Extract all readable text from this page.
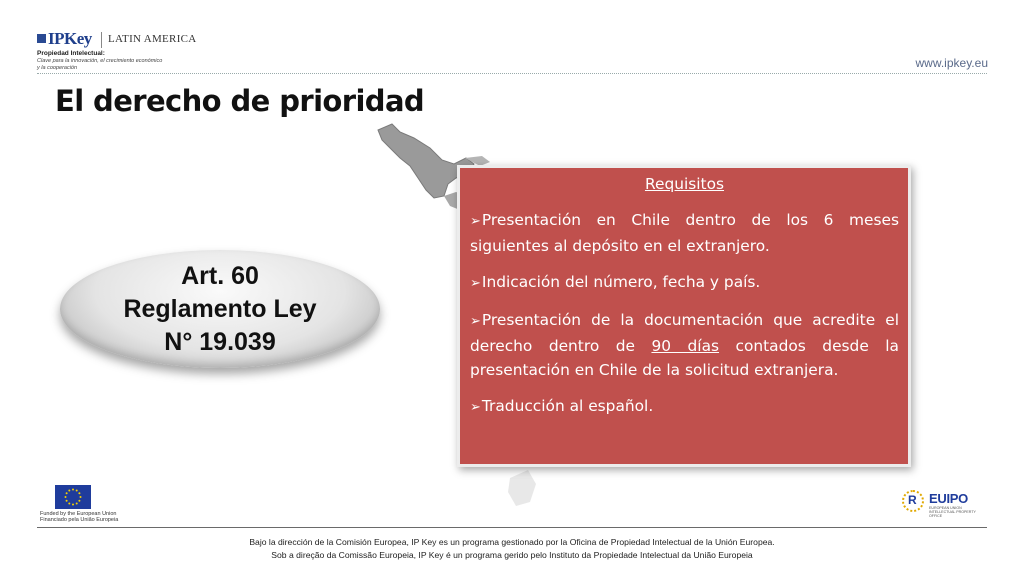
IPKey LATIN AMERICA
Propiedad Intelectual:
Clave para la innovación, el crecimiento económico
y la cooperación	www.ipkey.eu
El derecho de prioridad
Art. 60
Reglamento Ley
N° 19.039
Requisitos
➢Presentación en Chile dentro de los 6 meses siguientes al depósito en el extranjero.
➢Indicación del número, fecha y país.
➢Presentación de la documentación que acredite el derecho dentro de 90 días contados desde la presentación en Chile de la solicitud extranjera.
➢Traducción al español.
Funded by the European Union
Financiado pela União Europeia
R EUIPO
EUROPEAN UNION INTELLECTUAL PROPERTY OFFICE
Bajo la dirección de la Comisión Europea, IP Key es un programa gestionado por la Oficina de Propiedad Intelectual de la Unión Europea.
Sob a direção da Comissão Europeia, IP Key é un programa gerido pelo Instituto da Propiedade Intelectual da União Europeia
